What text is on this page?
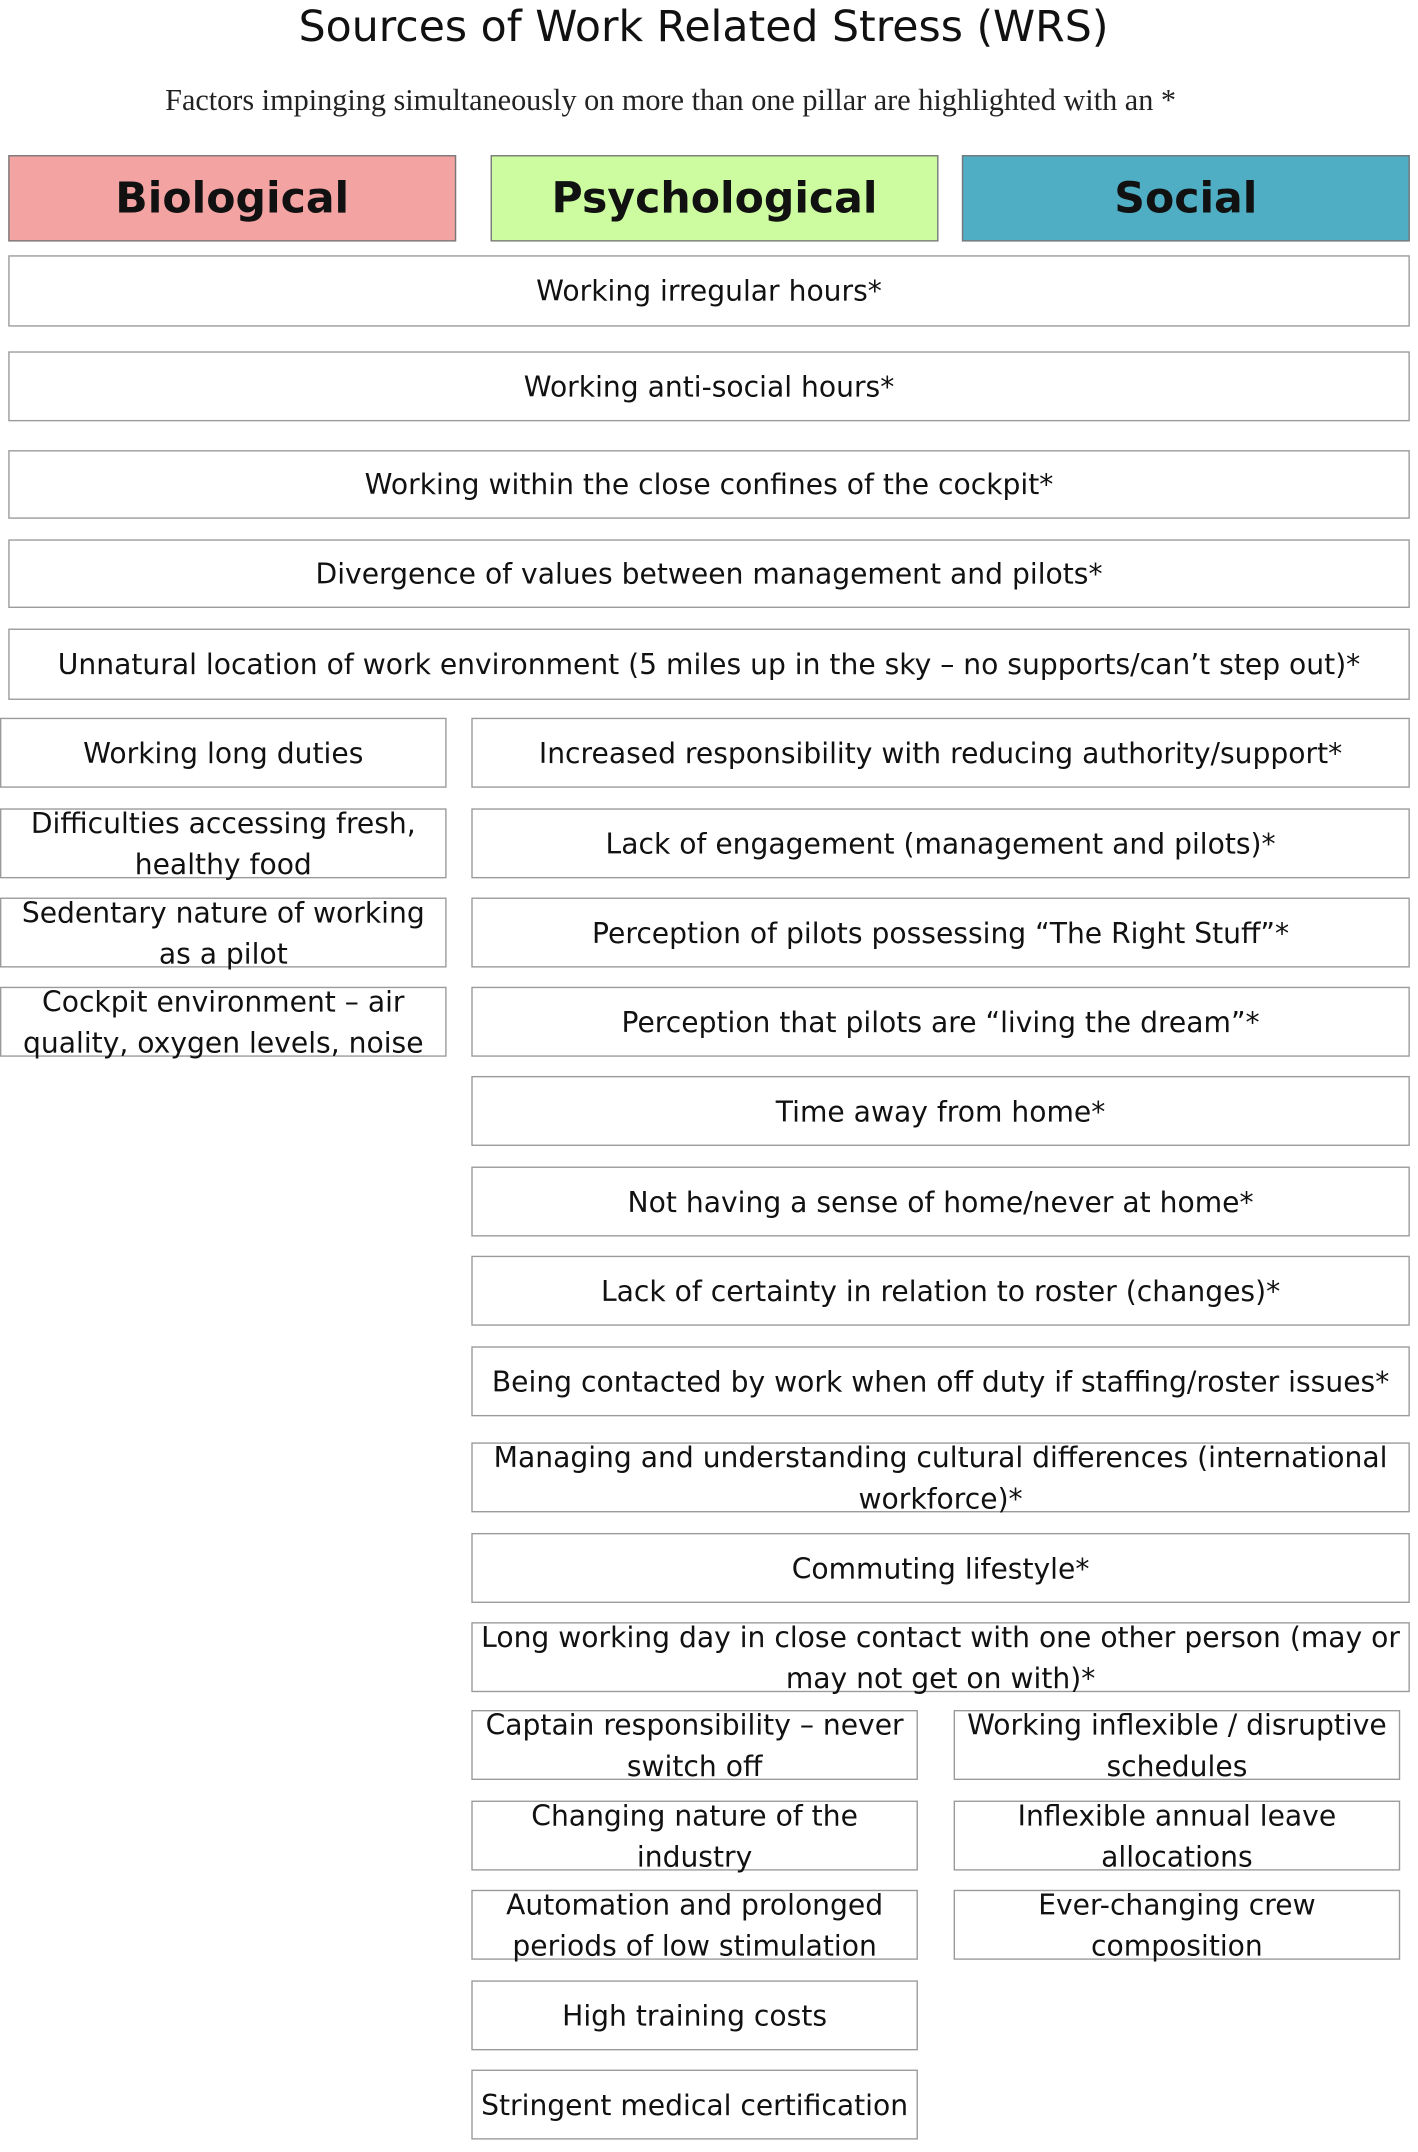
Sources of Work Related Stress (WRS)
Factors impinging simultaneously on more than one pillar are highlighted with an *
Biological	Psychological	Social
Working irregular hours*
Working anti-social hours*
Working within the close confines of the cockpit*
Divergence of values between management and pilots*
Unnatural location of work environment (5 miles up in the sky – no supports/can’t step out)*
Working long duties
Difficulties accessing fresh, healthy food
Sedentary nature of working as a pilot
Cockpit environment – air quality, oxygen levels, noise
Increased responsibility with reducing authority/support*
Lack of engagement (management and pilots)*
Perception of pilots possessing “The Right Stuff”*
Perception that pilots are “living the dream”*
Time away from home*
Not having a sense of home/never at home*
Lack of certainty in relation to roster (changes)*
Being contacted by work when off duty if staffing/roster issues*
Managing and understanding cultural differences (international workforce)*
Commuting lifestyle*
Long working day in close contact with one other person (may or may not get on with)*
Captain responsibility – never switch off
Changing nature of the industry
Automation and prolonged periods of low stimulation
High training costs
Stringent medical certification
Working inflexible / disruptive schedules
Inflexible annual leave allocations
Ever-changing crew composition
